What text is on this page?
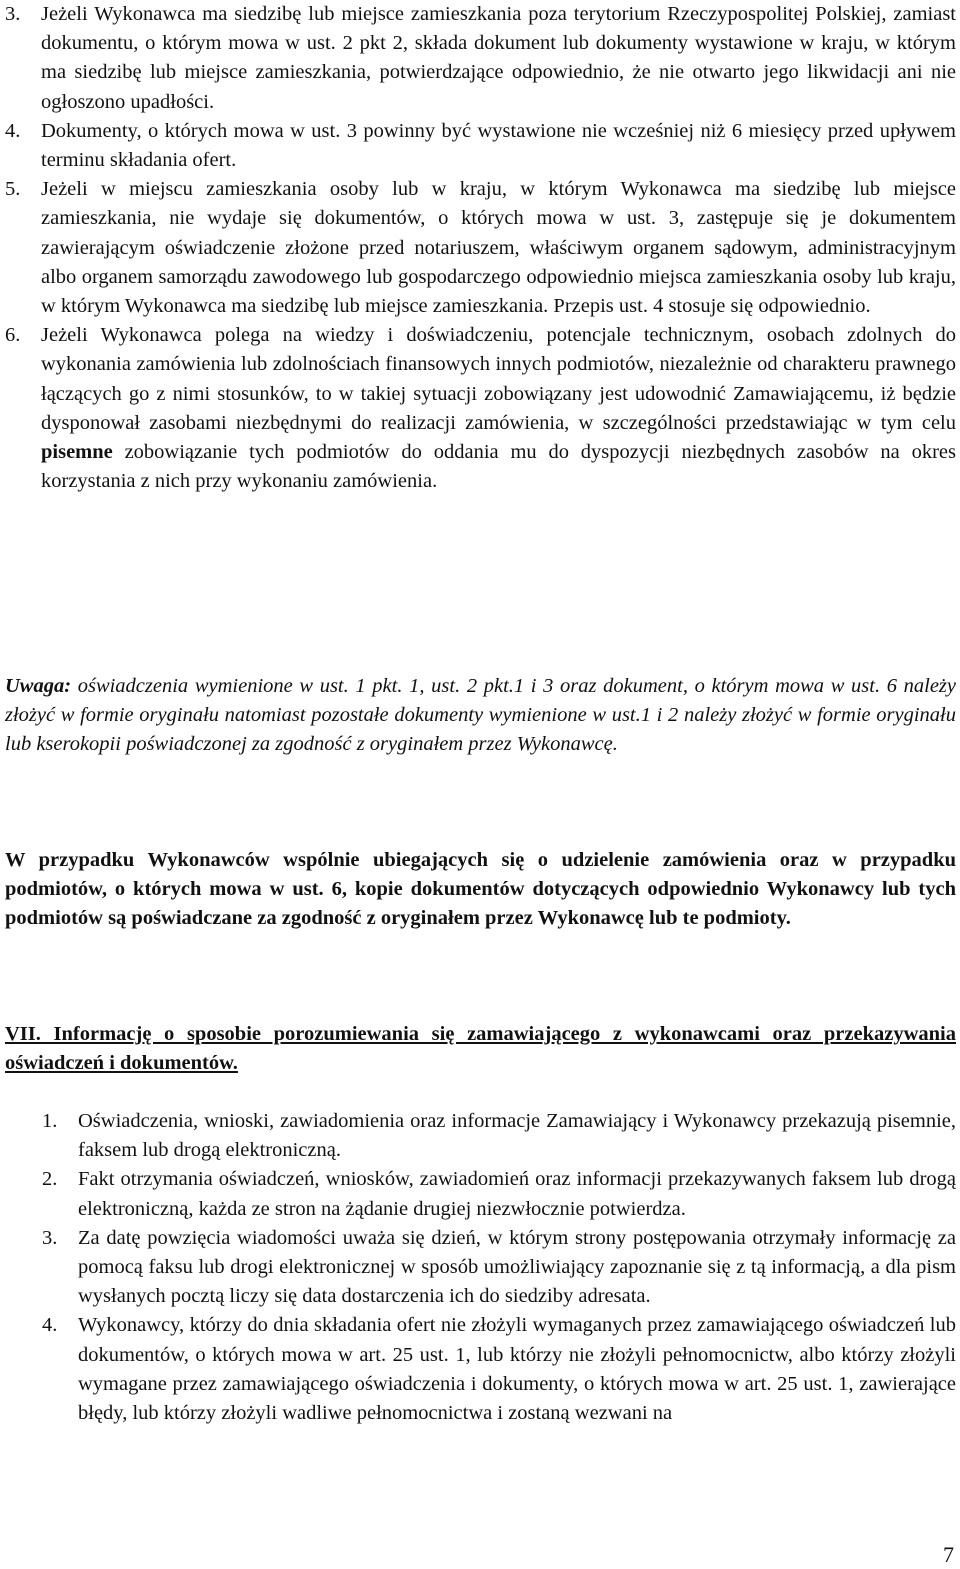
3. Jeżeli Wykonawca ma siedzibę lub miejsce zamieszkania poza terytorium Rzeczypospolitej Polskiej, zamiast dokumentu, o którym mowa w ust. 2 pkt 2, składa dokument lub dokumenty wystawione w kraju, w którym ma siedzibę lub miejsce zamieszkania, potwierdzające odpowiednio, że nie otwarto jego likwidacji ani nie ogłoszono upadłości.
4. Dokumenty, o których mowa w ust. 3 powinny być wystawione nie wcześniej niż 6 miesięcy przed upływem terminu składania ofert.
5. Jeżeli w miejscu zamieszkania osoby lub w kraju, w którym Wykonawca ma siedzibę lub miejsce zamieszkania, nie wydaje się dokumentów, o których mowa w ust. 3, zastępuje się je dokumentem zawierającym oświadczenie złożone przed notariuszem, właściwym organem sądowym, administracyjnym albo organem samorządu zawodowego lub gospodarczego odpowiednio miejsca zamieszkania osoby lub kraju, w którym Wykonawca ma siedzibę lub miejsce zamieszkania. Przepis ust. 4 stosuje się odpowiednio.
6. Jeżeli Wykonawca polega na wiedzy i doświadczeniu, potencjale technicznym, osobach zdolnych do wykonania zamówienia lub zdolnościach finansowych innych podmiotów, niezależnie od charakteru prawnego łączących go z nimi stosunków, to w takiej sytuacji zobowiązany jest udowodnić Zamawiającemu, iż będzie dysponował zasobami niezbędnymi do realizacji zamówienia, w szczególności przedstawiając w tym celu pisemne zobowiązanie tych podmiotów do oddania mu do dyspozycji niezbędnych zasobów na okres korzystania z nich przy wykonaniu zamówienia.
Uwaga: oświadczenia wymienione w ust. 1 pkt. 1, ust. 2 pkt.1 i 3 oraz dokument, o którym mowa w ust. 6 należy złożyć w formie oryginału natomiast pozostałe dokumenty wymienione w ust.1 i 2 należy złożyć w formie oryginału lub kserokopii poświadczonej za zgodność z oryginałem przez Wykonawcę.
W przypadku Wykonawców wspólnie ubiegających się o udzielenie zamówienia oraz w przypadku podmiotów, o których mowa w ust. 6, kopie dokumentów dotyczących odpowiednio Wykonawcy lub tych podmiotów są poświadczane za zgodność z oryginałem przez Wykonawcę lub te podmioty.
VII. Informację o sposobie porozumiewania się zamawiającego z wykonawcami oraz przekazywania oświadczeń i dokumentów.
1. Oświadczenia, wnioski, zawiadomienia oraz informacje Zamawiający i Wykonawcy przekazują pisemnie, faksem lub drogą elektroniczną.
2. Fakt otrzymania oświadczeń, wniosków, zawiadomień oraz informacji przekazywanych faksem lub drogą elektroniczną, każda ze stron na żądanie drugiej niezwłocznie potwierdza.
3. Za datę powzięcia wiadomości uważa się dzień, w którym strony postępowania otrzymały informację za pomocą faksu lub drogi elektronicznej w sposób umożliwiający zapoznanie się z tą informacją, a dla pism wysłanych pocztą liczy się data dostarczenia ich do siedziby adresata.
4. Wykonawcy, którzy do dnia składania ofert nie złożyli wymaganych przez zamawiającego oświadczeń lub dokumentów, o których mowa w art. 25 ust. 1, lub którzy nie złożyli pełnomocnictw, albo którzy złożyli wymagane przez zamawiającego oświadczenia i dokumenty, o których mowa w art. 25 ust. 1, zawierające błędy, lub którzy złożyli wadliwe pełnomocnictwa i zostaną wezwani na
7
